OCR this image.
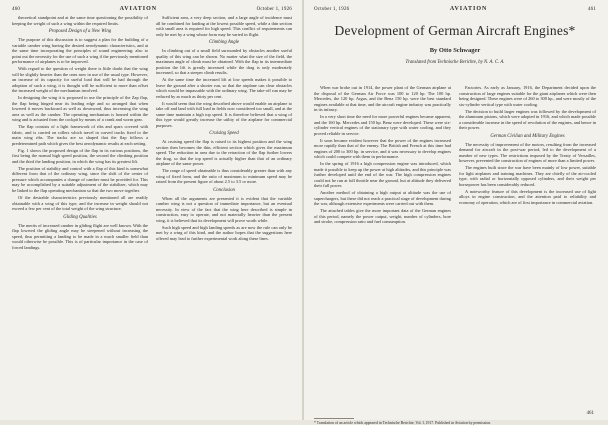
460	AVIATION	October 1, 1926

theoretical standpoint and at the same time questioning the possibility of keeping the weight of such a wing within the required limits.

Proposed Design of a New Wing

The purpose of this discussion is to suggest a plan for the building of a variable camber wing having the desired aerodynamic characteristics, and at the same time incorporating the principles of sound engineering; also to point out the necessity for the use of such a wing if the previously mentioned performance of airplanes is to be improved.

With regard to the question of weight there is little doubt that the wing will be slightly heavier than the ones now in use of the usual type. However, an increase of its capacity for useful load that will be had through the adoption of such a wing, it is thought will be sufficient to more than offset the increased weight of the mechanism involved.

In designing the wing it is proposed to use the principle of the Zap flap, the flap being hinged near its leading edge and so arranged that when lowered it moves backward as well as downward, thus increasing the wing area as well as the camber. The operating mechanism is housed within the wing and is actuated from the cockpit by means of a crank and worm gear.

The flap consists of a light framework of ribs and spars covered with fabric, and is carried on rollers which travel in curved tracks fixed to the main wing ribs. The tracks are so shaped that the flap follows a predetermined path which gives the best aerodynamic results at each setting.

Fig. 1 shows the proposed design of the flap in its various positions, the first being the normal high speed position, the second the climbing position and the third the landing position, in which the wing has its greatest lift.

The position of stability and control with a flap of this kind is somewhat different from that of the ordinary wing, since the shift of the center of pressure which accompanies a change of camber must be provided for. This may be accomplished by a suitable adjustment of the stabilizer, which may be linked to the flap operating mechanism so that the two move together.

Of the desirable characteristics previously mentioned all are readily obtainable with a wing of this type, and the increase in weight should not exceed a few per cent of the total weight of the wing structure.

Gliding Qualities

The merits of increased camber in gliding flight are well known. With the flap lowered the gliding angle may be steepened without increasing the speed, thus permitting a landing to be made in a much smaller field than would otherwise be possible. This is of particular importance in the case of forced landings.

Sufficient area, a very deep section, and a large angle of incidence must all be combined for landing at the lowest possible speed, while a thin section with small area is required for high speed. This conflict of requirements can only be met by a wing whose form may be varied in flight.

Climbing Angle

In climbing out of a small field surrounded by obstacles another useful quality of this wing can be shown. No matter what the size of the field, the maximum angle of climb must be obtained. With the flap in its intermediate position the lift is greatly increased while the drag is only moderately increased, so that a steeper climb results.

At the same time the increased lift at low speeds makes it possible to leave the ground after a shorter run, so that the airplane can clear obstacles which would be impassable with the ordinary wing. The take-off run may be reduced by as much as thirty per cent.

It would seem that the wing described above would enable an airplane to take off and land with full load in fields now considered too small, and at the same time maintain a high top speed. It is therefore believed that a wing of this type would greatly increase the utility of the airplane for commercial purposes.

Cruising Speed

At cruising speed the flap is raised to its highest position and the wing section then becomes the thin, efficient section which gives the maximum speed. The reduction in area due to the retraction of the flap further lowers the drag, so that the top speed is actually higher than that of an ordinary airplane of the same power.

The range of speed obtainable is thus considerably greater than with any wing of fixed form, and the ratio of maximum to minimum speed may be raised from the present figure of about 2.5 to 3.5 or more.

Conclusion

When all the arguments are presented it is evident that the variable camber wing is not a question of immediate importance, but an eventual necessity. In view of the fact that the wing here described is simple in construction, easy to operate, and not materially heavier than the present wing, it is believed that its development will prove worth while.

Such high speed and high landing speeds as are now the rule can only be met by a wing of this kind, and the author hopes that the suggestions here offered may lead to further experimental work along these lines.

October 1, 1926	AVIATION	461
Development of German Aircraft Engines*
By Otto Schwager
Translated from Technische Berichte, by N. A. C. A.

When war broke out in 1914, the power plant of the German airplane at the disposal of the German Air Force was 100 to 120 hp. The 100 hp. Mercedes, the 120 hp. Argus, and the Benz 150 hp. were the best standard engines available at that time, and the aircraft engine industry was practically in its infancy.

In a very short time the need for more powerful engines became apparent, and the 160 hp. Mercedes and 150 hp. Benz were developed. These were six-cylinder vertical engines of the stationary type with water cooling, and they proved reliable in service.

It soon became evident however that the power of the engines increased more rapidly than that of the enemy. The British and French at this time had engines of 200 to 300 hp. in service, and it was necessary to develop engines which could compete with them in performance.

In the spring of 1916 a high compression engine was introduced, which made it possible to keep up the power at high altitudes, and this principle was further developed until the end of the war. The high compression engines could not be run at full throttle near the ground, but at altitude they delivered their full power.

Another method of obtaining a high output at altitude was the use of superchargers, but these did not reach a practical stage of development during the war, although extensive experiments were carried out with them.

The attached tables give the more important data of the German engines of this period, namely the power output, weight, number of cylinders, bore and stroke, compression ratio and fuel consumption.

Factories. As early as January, 1916, the Department decided upon the construction of large engines suitable for the giant airplanes which were then being designed. These engines were of 260 to 300 hp., and were mostly of the six-cylinder vertical type with water cooling.

The decision to build larger engines was followed by the development of the aluminum pistons, which were adopted in 1916, and which made possible a considerable increase in the speed of revolution of the engines, and hence in their power.

German Civilian and Military Engines

The necessity of improvement of the motors, resulting from the increased demand for aircraft in the post-war period, led to the development of a number of new types. The restrictions imposed by the Treaty of Versailles, however, prevented the construction of engines of more than a limited power.

The engines built since the war have been mainly of low power, suitable for light airplanes and training machines. They are chiefly of the air-cooled type, with radial or horizontally opposed cylinders, and their weight per horsepower has been considerably reduced.

A noteworthy feature of this development is the increased use of light alloys in engine construction, and the attention paid to reliability and economy of operation, which are of first importance in commercial aviation.

* Translation of an article which appeared in Technische Berichte, Vol. I, 1917. Published in Aviation by permission.
461
